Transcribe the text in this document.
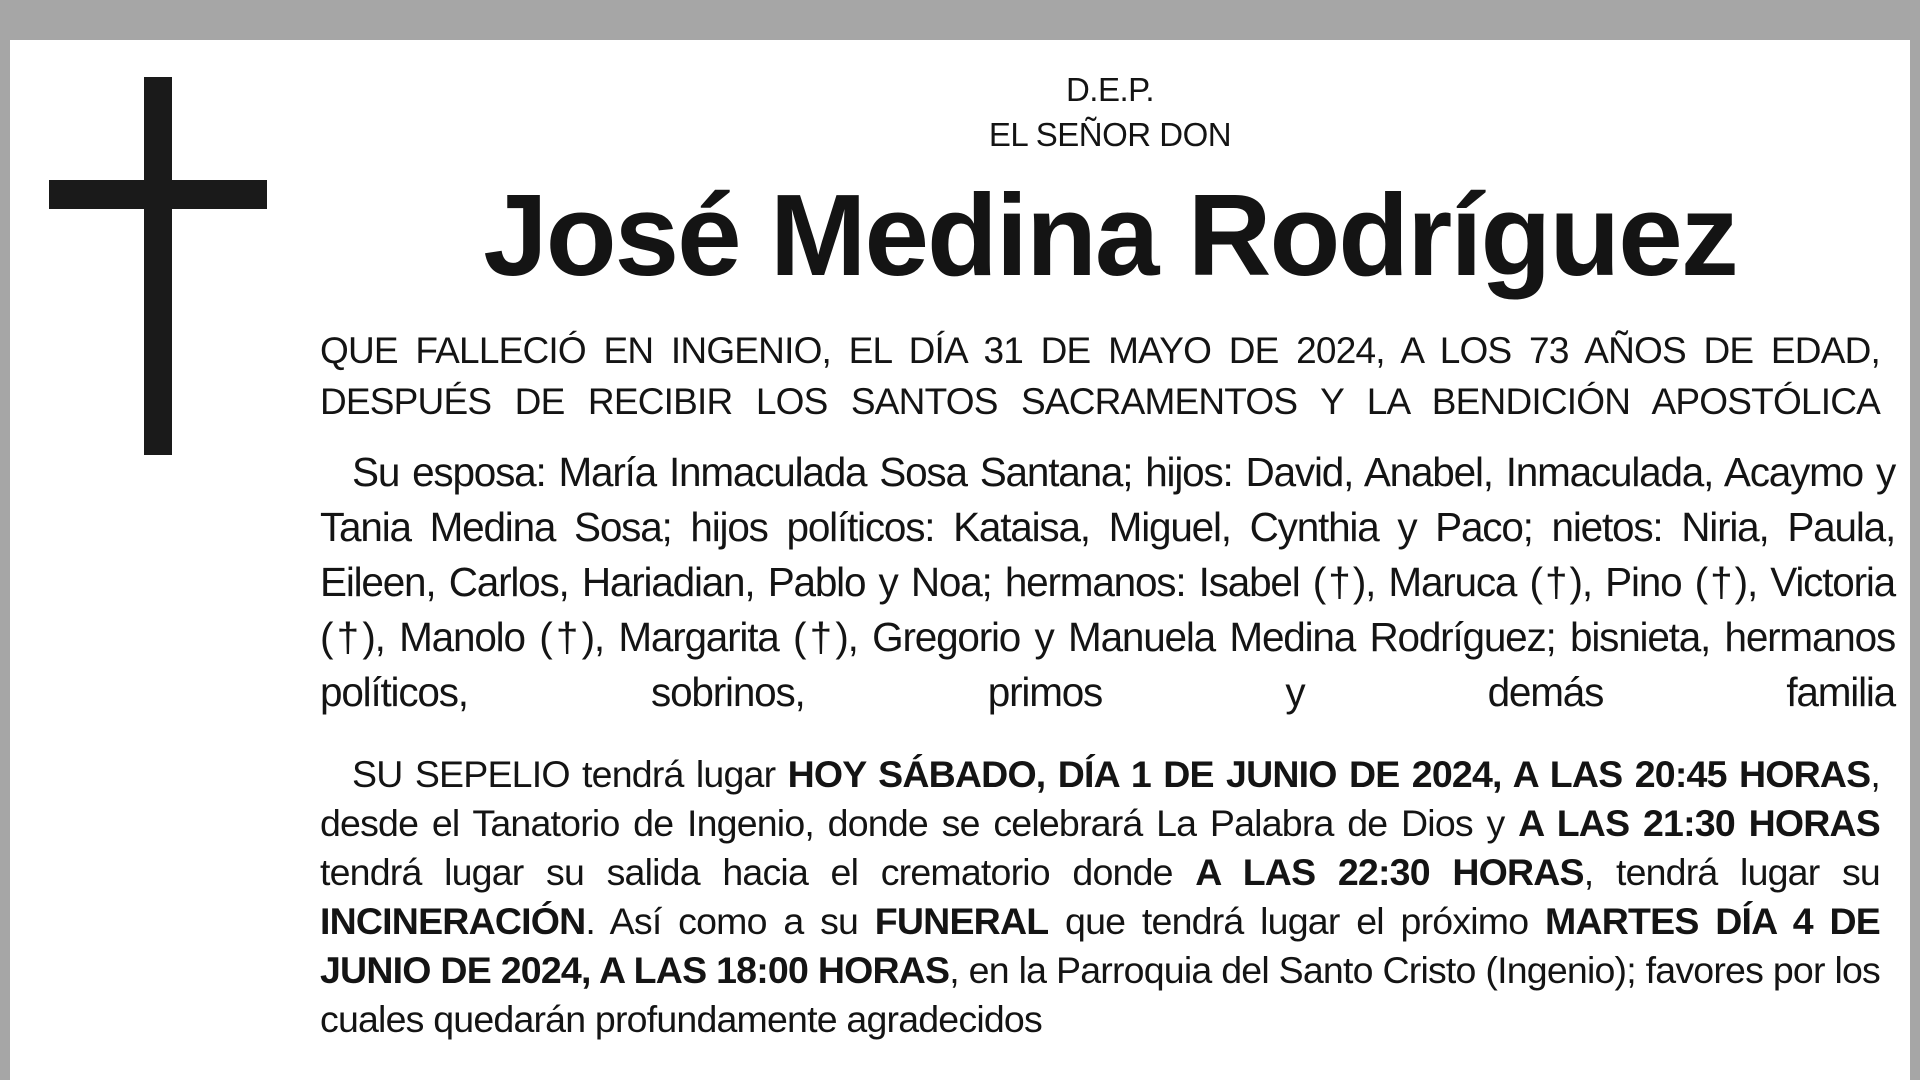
D.E.P.
EL SEÑOR DON
José Medina Rodríguez
QUE FALLECIÓ EN INGENIO, EL DÍA 31 DE MAYO DE 2024, A LOS 73 AÑOS DE EDAD,
DESPUÉS DE RECIBIR LOS SANTOS SACRAMENTOS Y LA BENDICIÓN APOSTÓLICA

Su esposa: María Inmaculada Sosa Santana; hijos: David, Anabel, Inmaculada, Acaymo y Tania Medina Sosa; hijos políticos: Kataisa, Miguel, Cynthia y Paco; nietos: Niria, Paula, Eileen, Carlos, Hariadian, Pablo y Noa; hermanos: Isabel (†), Maruca (†), Pino (†), Victoria (†), Manolo (†), Margarita (†), Gregorio y Manuela Medina Rodríguez; bisnieta, hermanos políticos, sobrinos, primos y demás familia

SU SEPELIO tendrá lugar HOY SÁBADO, DÍA 1 DE JUNIO DE 2024, A LAS 20:45 HORAS, desde el Tanatorio de Ingenio, donde se celebrará La Palabra de Dios y A LAS 21:30 HORAS tendrá lugar su salida hacia el crematorio donde A LAS 22:30 HORAS, tendrá lugar su INCINERACIÓN. Así como a su FUNERAL que tendrá lugar el próximo MARTES DÍA 4 DE JUNIO DE 2024, A LAS 18:00 HORAS, en la Parroquia del Santo Cristo (Ingenio); favores por los cuales quedarán profundamente agradecidos
